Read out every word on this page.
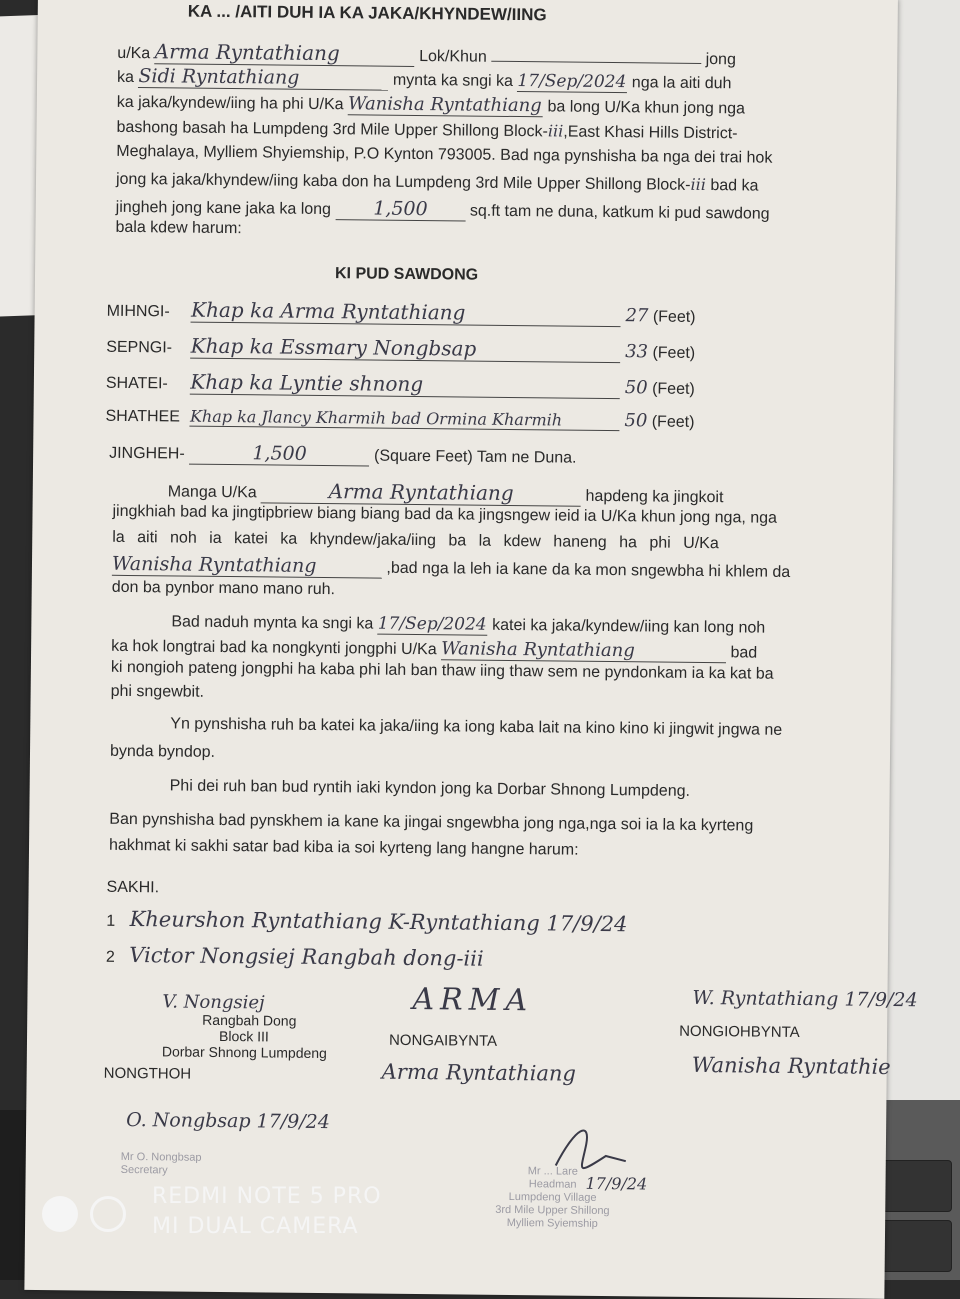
KA ... /AITI DUH IA KA JAKA/KHYNDEW/IING
u/Ka Arma Ryntathiang	Lok/Khun	jong
ka Sidi Ryntathiang	mynta ka sngi ka 17/Sep/2024 nga la aiti duh
ka jaka/kyndew/iing ha phi U/Ka Wanisha Ryntathiang ba long U/Ka khun jong nga
bashong basah ha Lumpdeng 3rd Mile Upper Shillong Block-iii,East Khasi Hills District-
Meghalaya, Mylliem Shyiemship, P.O Kynton 793005. Bad nga pynshisha ba nga dei trai hok
jong ka jaka/khyndew/iing kaba don ha Lumpdeng 3rd Mile Upper Shillong Block-iii bad ka
jingheh jong kane jaka ka long 1,500	sq.ft tam ne duna, katkum ki pud sawdong
bala kdew harum:
KI PUD SAWDONG
MIHNGI- Khap ka Arma Ryntathiang	27 (Feet)
SEPNGI- Khap ka Essmary Nongbsap	33 (Feet)
SHATEI- Khap ka Lyntie shnong	50 (Feet)
SHATHEE Khap ka Jlancy Kharmih bad Ormina Kharmih	50 (Feet)
JINGHEH-	1,500	(Square Feet) Tam ne Duna.
Manga U/Ka	Arma Ryntathiang	hapdeng ka jingkoit
jingkhiah bad ka jingtipbriew biang biang bad da ka jingsngew ieid ia U/Ka khun jong nga, nga
la aiti noh ia katei ka khyndew/jaka/iing ba la kdew haneng ha phi U/Ka
Wanisha Ryntathiang	,bad nga la leh ia kane da ka mon sngewbha hi khlem da
don ba pynbor mano mano ruh.
Bad naduh mynta ka sngi ka 17/Sep/2024 katei ka jaka/kyndew/iing kan long noh
ka hok longtrai bad ka nongkynti jongphi U/Ka Wanisha Ryntathiang	bad
ki nongioh pateng jongphi ha kaba phi lah ban thaw iing thaw sem ne pyndonkam ia ka kat ba
phi sngewbit.
Yn pynshisha ruh ba katei ka jaka/iing ka iong kaba lait na kino kino ki jingwit jngwa ne
bynda byndop.
Phi dei ruh ban bud ryntih iaki kyndon jong ka Dorbar Shnong Lumpdeng.
Ban pynshisha bad pynskhem ia kane ka jingai sngewbha jong nga,nga soi ia la ka kyrteng
hakhmat ki sakhi satar bad kiba ia soi kyrteng lang hangne harum:
SAKHI.
1 Kheurshon Ryntathiang K-Ryntathiang 17/9/24
2 Victor Nongsiej Rangbah dong-iii
V. Nongsiej
Rangbah Dong
Block III
Dorbar Shnong Lumpdeng
ARMA
NONGAIBYNTA
Arma Ryntathiang
W. Ryntathiang 17/9/24
NONGIOHBYNTA
Wanisha Ryntathie
NONGTHOH
O. Nongbsap 17/9/24
Mr O. Nongbsap
Secretary
17/9/24
Mr ... Lare
Headman
Lumpdeng Village
3rd Mile Upper Shillong
Mylliem Syiemship
REDMI NOTE 5 PRO
MI DUAL CAMERA
